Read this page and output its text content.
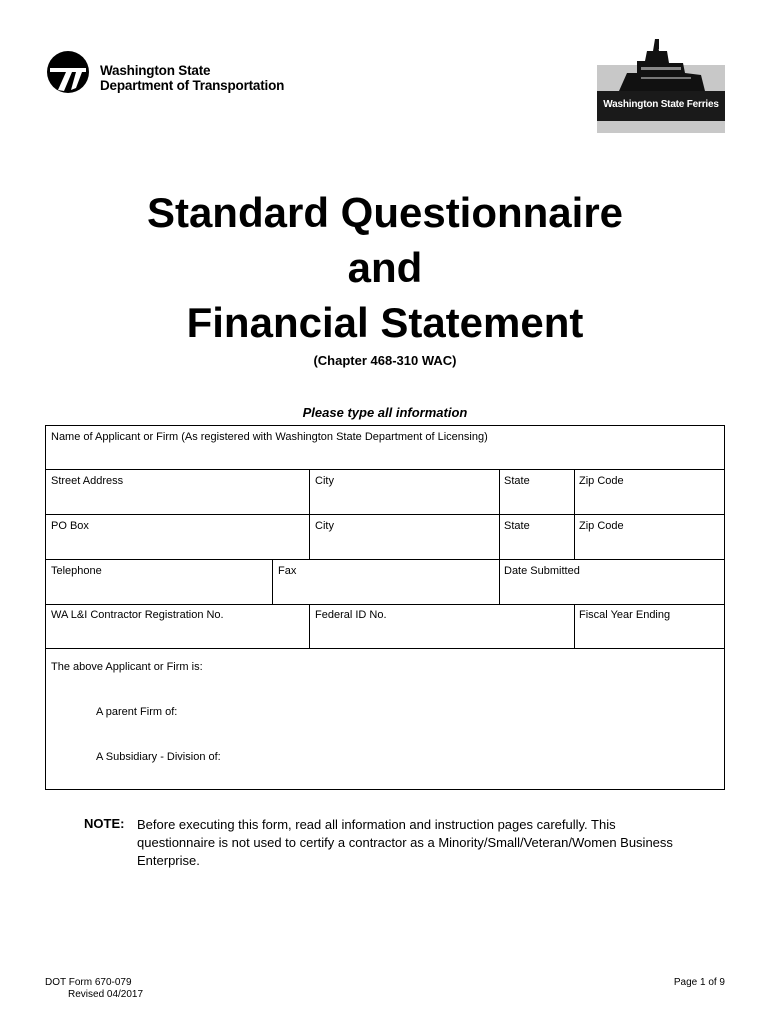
Washington State
Department of Transportation
Washington State Ferries
Standard Questionnaire
and
Financial Statement
(Chapter 468-310 WAC)
Please type all information
Name of Applicant or Firm (As registered with Washington State Department of Licensing)
Street Address	City	State	Zip Code
PO Box	City	State	Zip Code
Telephone	Fax	Date Submitted
WA L&I Contractor Registration No.	Federal ID No.	Fiscal Year Ending
The above Applicant or Firm is:
A parent Firm of:
A Subsidiary - Division of:
NOTE: Before executing this form, read all information and instruction pages carefully. This questionnaire is not used to certify a contractor as a Minority/Small/Veteran/Women Business Enterprise.
DOT Form 670-079
Revised 04/2017
Page 1 of 9
